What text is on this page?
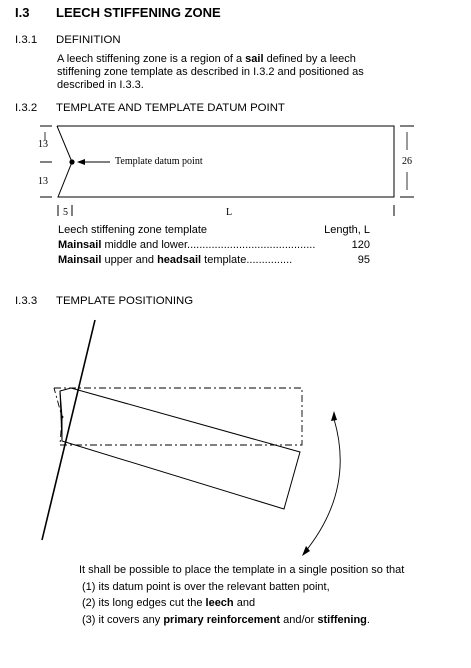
I.3 LEECH STIFFENING ZONE
I.3.1 DEFINITION
A leech stiffening zone is a region of a sail defined by a leech
stiffening zone template as described in I.3.2 and positioned as
described in I.3.3.
I.3.2 TEMPLATE AND TEMPLATE DATUM POINT
13
13
26
5	L
Template datum point
Leech stiffening zone template	Length, L
Mainsail middle and lower..........................................	120
Mainsail upper and headsail template...............	95
I.3.3 TEMPLATE POSITIONING
It shall be possible to place the template in a single position so that
(1) its datum point is over the relevant batten point,
(2) its long edges cut the leech and
(3) it covers any primary reinforcement and/or stiffening.
